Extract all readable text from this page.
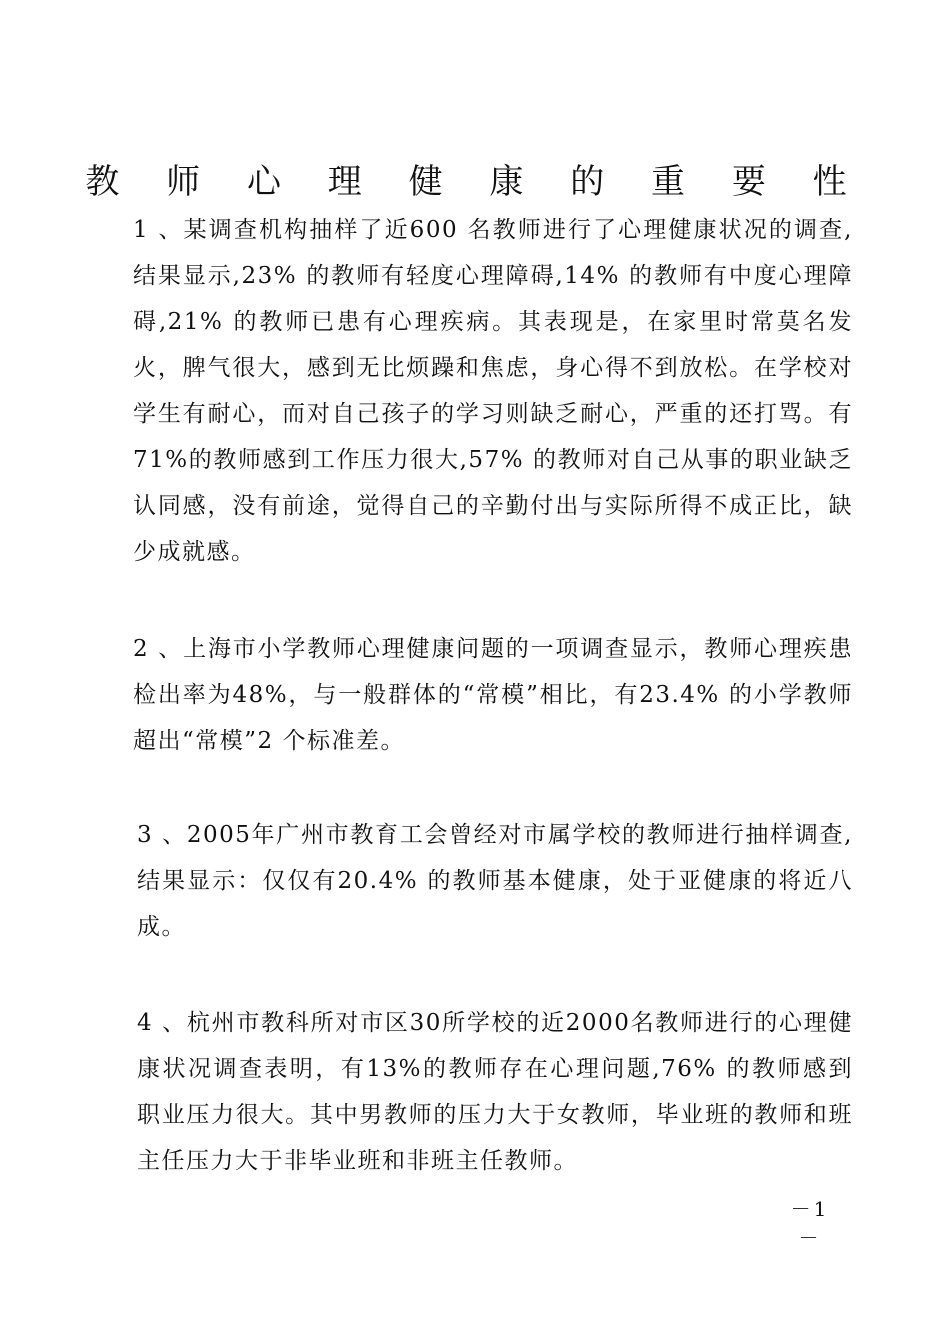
教 师 心 理 健 康 的 重 要 性

1 、某调查机构抽样了近600 名教师进行了心理健康状况的调查,结果显示,23% 的教师有轻度心理障碍,14% 的教师有中度心理障碍,21% 的教师已患有心理疾病。其表现是，在家里时常莫名发火，脾气很大，感到无比烦躁和焦虑，身心得不到放松。在学校对学生有耐心，而对自己孩子的学习则缺乏耐心，严重的还打骂。有71%的教师感到工作压力很大,57% 的教师对自己从事的职业缺乏认同感，没有前途，觉得自己的辛勤付出与实际所得不成正比，缺少成就感。

2 、上海市小学教师心理健康问题的一项调查显示，教师心理疾患检出率为48%，与一般群体的“常模”相比，有23.4% 的小学教师超出“常模”2 个标准差。

3 、2005年广州市教育工会曾经对市属学校的教师进行抽样调查,结果显示：仅仅有20.4% 的教师基本健康，处于亚健康的将近八成。

4 、杭州市教科所对市区30所学校的近2000名教师进行的心理健康状况调查表明，有13%的教师存在心理问题,76% 的教师感到职业压力很大。其中男教师的压力大于女教师，毕业班的教师和班主任压力大于非毕业班和非班主任教师。

－1－
